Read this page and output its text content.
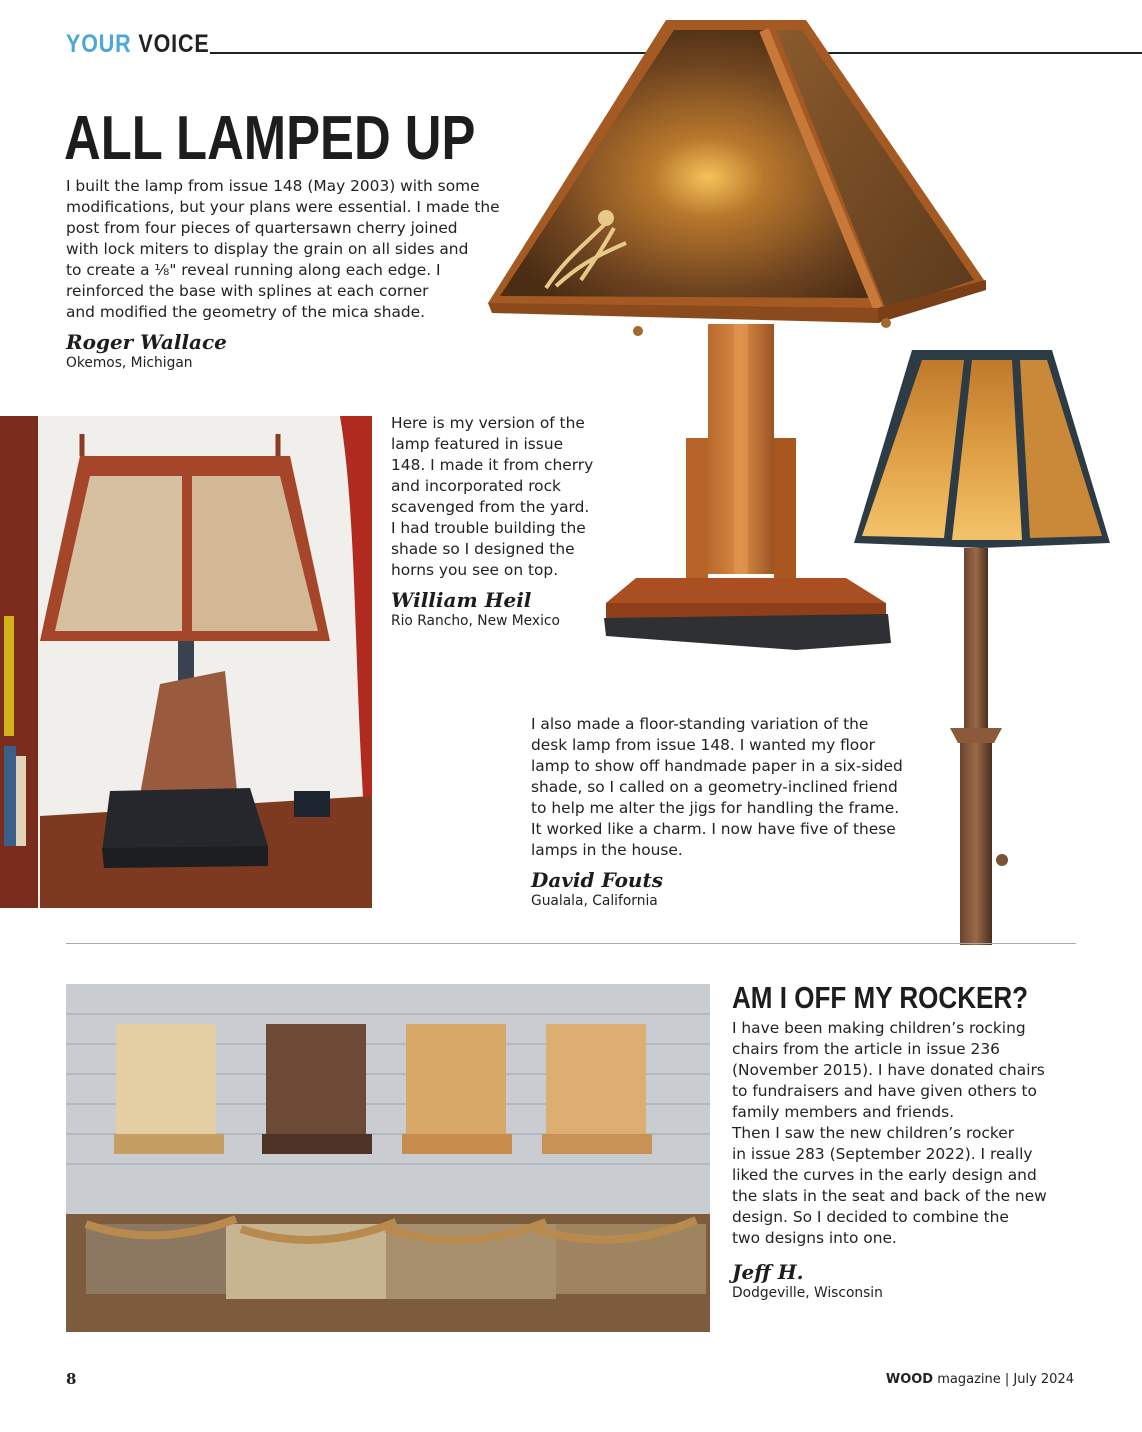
YOUR VOICE
ALL LAMPED UP
I built the lamp from issue 148 (May 2003) with some
modifications, but your plans were essential. I made the
post from four pieces of quartersawn cherry joined
with lock miters to display the grain on all sides and
to create a ⅛" reveal running along each edge. I
reinforced the base with splines at each corner
and modified the geometry of the mica shade.
Roger Wallace
Okemos, Michigan
Here is my version of the
lamp featured in issue
148. I made it from cherry
and incorporated rock
scavenged from the yard.
I had trouble building the
shade so I designed the
horns you see on top.
William Heil
Rio Rancho, New Mexico
I also made a floor-standing variation of the
desk lamp from issue 148. I wanted my floor
lamp to show off handmade paper in a six-sided
shade, so I called on a geometry-inclined friend
to help me alter the jigs for handling the frame.
It worked like a charm. I now have five of these
lamps in the house.
David Fouts
Gualala, California
AM I OFF MY ROCKER?
I have been making children’s rocking
chairs from the article in issue 236
(November 2015). I have donated chairs
to fundraisers and have given others to
family members and friends.
Then I saw the new children’s rocker
in issue 283 (September 2022). I really
liked the curves in the early design and
the slats in the seat and back of the new
design. So I decided to combine the
two designs into one.
Jeff H.
Dodgeville, Wisconsin
8	WOOD magazine | July 2024
